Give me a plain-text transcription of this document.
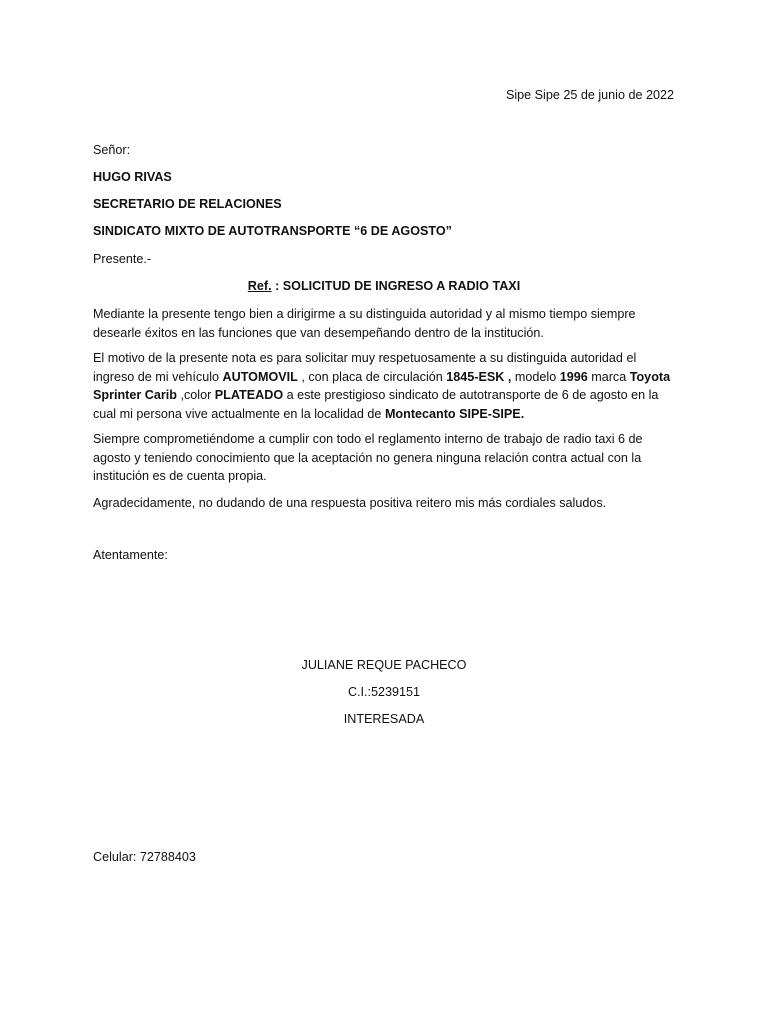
Sipe Sipe 25 de junio de 2022
Señor:
HUGO RIVAS
SECRETARIO DE RELACIONES
SINDICATO MIXTO DE AUTOTRANSPORTE “6 DE AGOSTO”
Presente.-
Ref. : SOLICITUD DE INGRESO A RADIO TAXI
Mediante la presente tengo bien a dirigirme a su distinguida autoridad y al mismo tiempo siempre desearle éxitos en las funciones que van desempeñando dentro de la institución.
El motivo de la presente nota es para solicitar muy respetuosamente a su distinguida autoridad el ingreso de mi vehículo AUTOMOVIL , con placa de circulación 1845-ESK , modelo 1996 marca Toyota Sprinter Carib ,color PLATEADO a este prestigioso sindicato de autotransporte de 6 de agosto en la cual mi persona vive actualmente en la localidad de Montecanto SIPE-SIPE.
Siempre comprometiéndome a cumplir con todo el reglamento interno de trabajo de radio taxi 6 de agosto y teniendo conocimiento que la aceptación no genera ninguna relación contra actual con la institución es de cuenta propia.
Agradecidamente, no dudando de una respuesta positiva reitero mis más cordiales saludos.
Atentamente:
JULIANE REQUE PACHECO
C.I.:5239151
INTERESADA
Celular: 72788403
